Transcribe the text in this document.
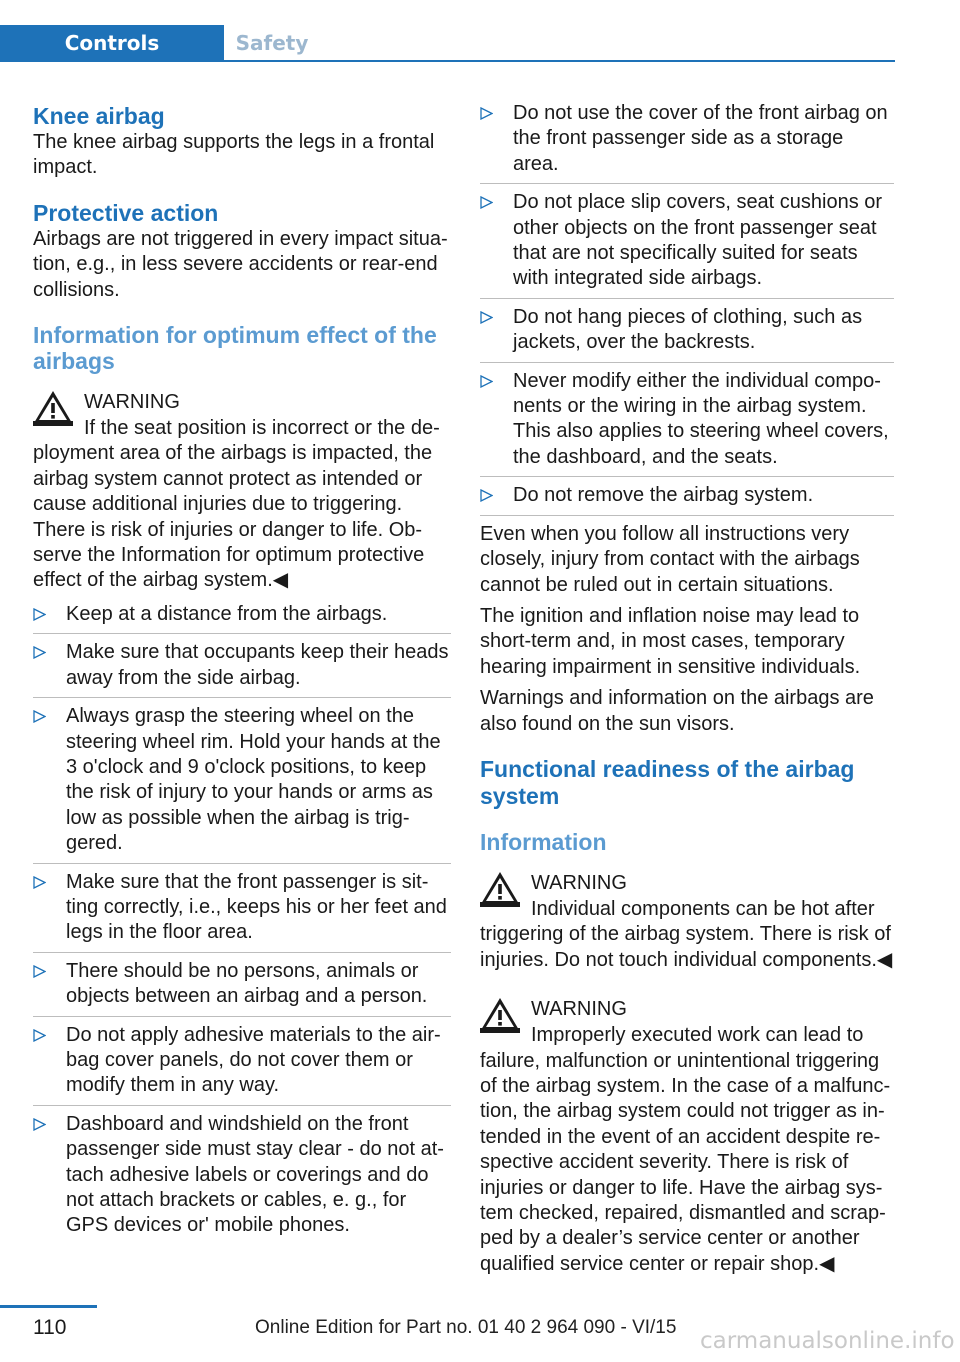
Controls	Safety
Knee airbag

The knee airbag supports the legs in a frontal impact.

Protective action

Airbags are not triggered in every impact situa‐tion, e.g., in less severe accidents or rear-end collisions.

Information for optimum effect of the airbags
WARNING
If the seat position is incorrect or the de‐
ployment area of the airbags is impacted, the airbag system cannot protect as intended or cause additional injuries due to triggering. There is risk of injuries or danger to life. Ob‐serve the Information for optimum protective effect of the airbag system.◀
Keep at a distance from the airbags.
Make sure that occupants keep their heads away from the side airbag.
Always grasp the steering wheel on the steering wheel rim. Hold your hands at the 3 o'clock and 9 o'clock positions, to keep the risk of injury to your hands or arms as low as possible when the airbag is trig‐gered.
Make sure that the front passenger is sit‐ting correctly, i.e., keeps his or her feet and legs in the floor area.
There should be no persons, animals or objects between an airbag and a person.
Do not apply adhesive materials to the air‐bag cover panels, do not cover them or modify them in any way.
Dashboard and windshield on the front passenger side must stay clear - do not at‐tach adhesive labels or coverings and do not attach brackets or cables, e. g., for GPS devices or' mobile phones.
Do not use the cover of the front airbag on the front passenger side as a storage area.
Do not place slip covers, seat cushions or other objects on the front passenger seat that are not specifically suited for seats with integrated side airbags.
Do not hang pieces of clothing, such as jackets, over the backrests.
Never modify either the individual compo‐nents or the wiring in the airbag system. This also applies to steering wheel covers, the dashboard, and the seats.
Do not remove the airbag system.

Even when you follow all instructions very closely, injury from contact with the airbags cannot be ruled out in certain situations.

The ignition and inflation noise may lead to short-term and, in most cases, temporary hearing impairment in sensitive individuals.

Warnings and information on the airbags are also found on the sun visors.

Functional readiness of the airbag system
Information
WARNING
Individual components can be hot after
triggering of the airbag system. There is risk of injuries. Do not touch individual components.◀
WARNING
Improperly executed work can lead to
failure, malfunction or unintentional triggering of the airbag system. In the case of a malfunc‐tion, the airbag system could not trigger as in‐tended in the event of an accident despite re‐spective accident severity. There is risk of injuries or danger to life. Have the airbag sys‐tem checked, repaired, dismantled and scrap‐ped by a dealer’s service center or another qualified service center or repair shop.◀
110	Online Edition for Part no. 01 40 2 964 090 - VI/15
carmanualsonline.info
